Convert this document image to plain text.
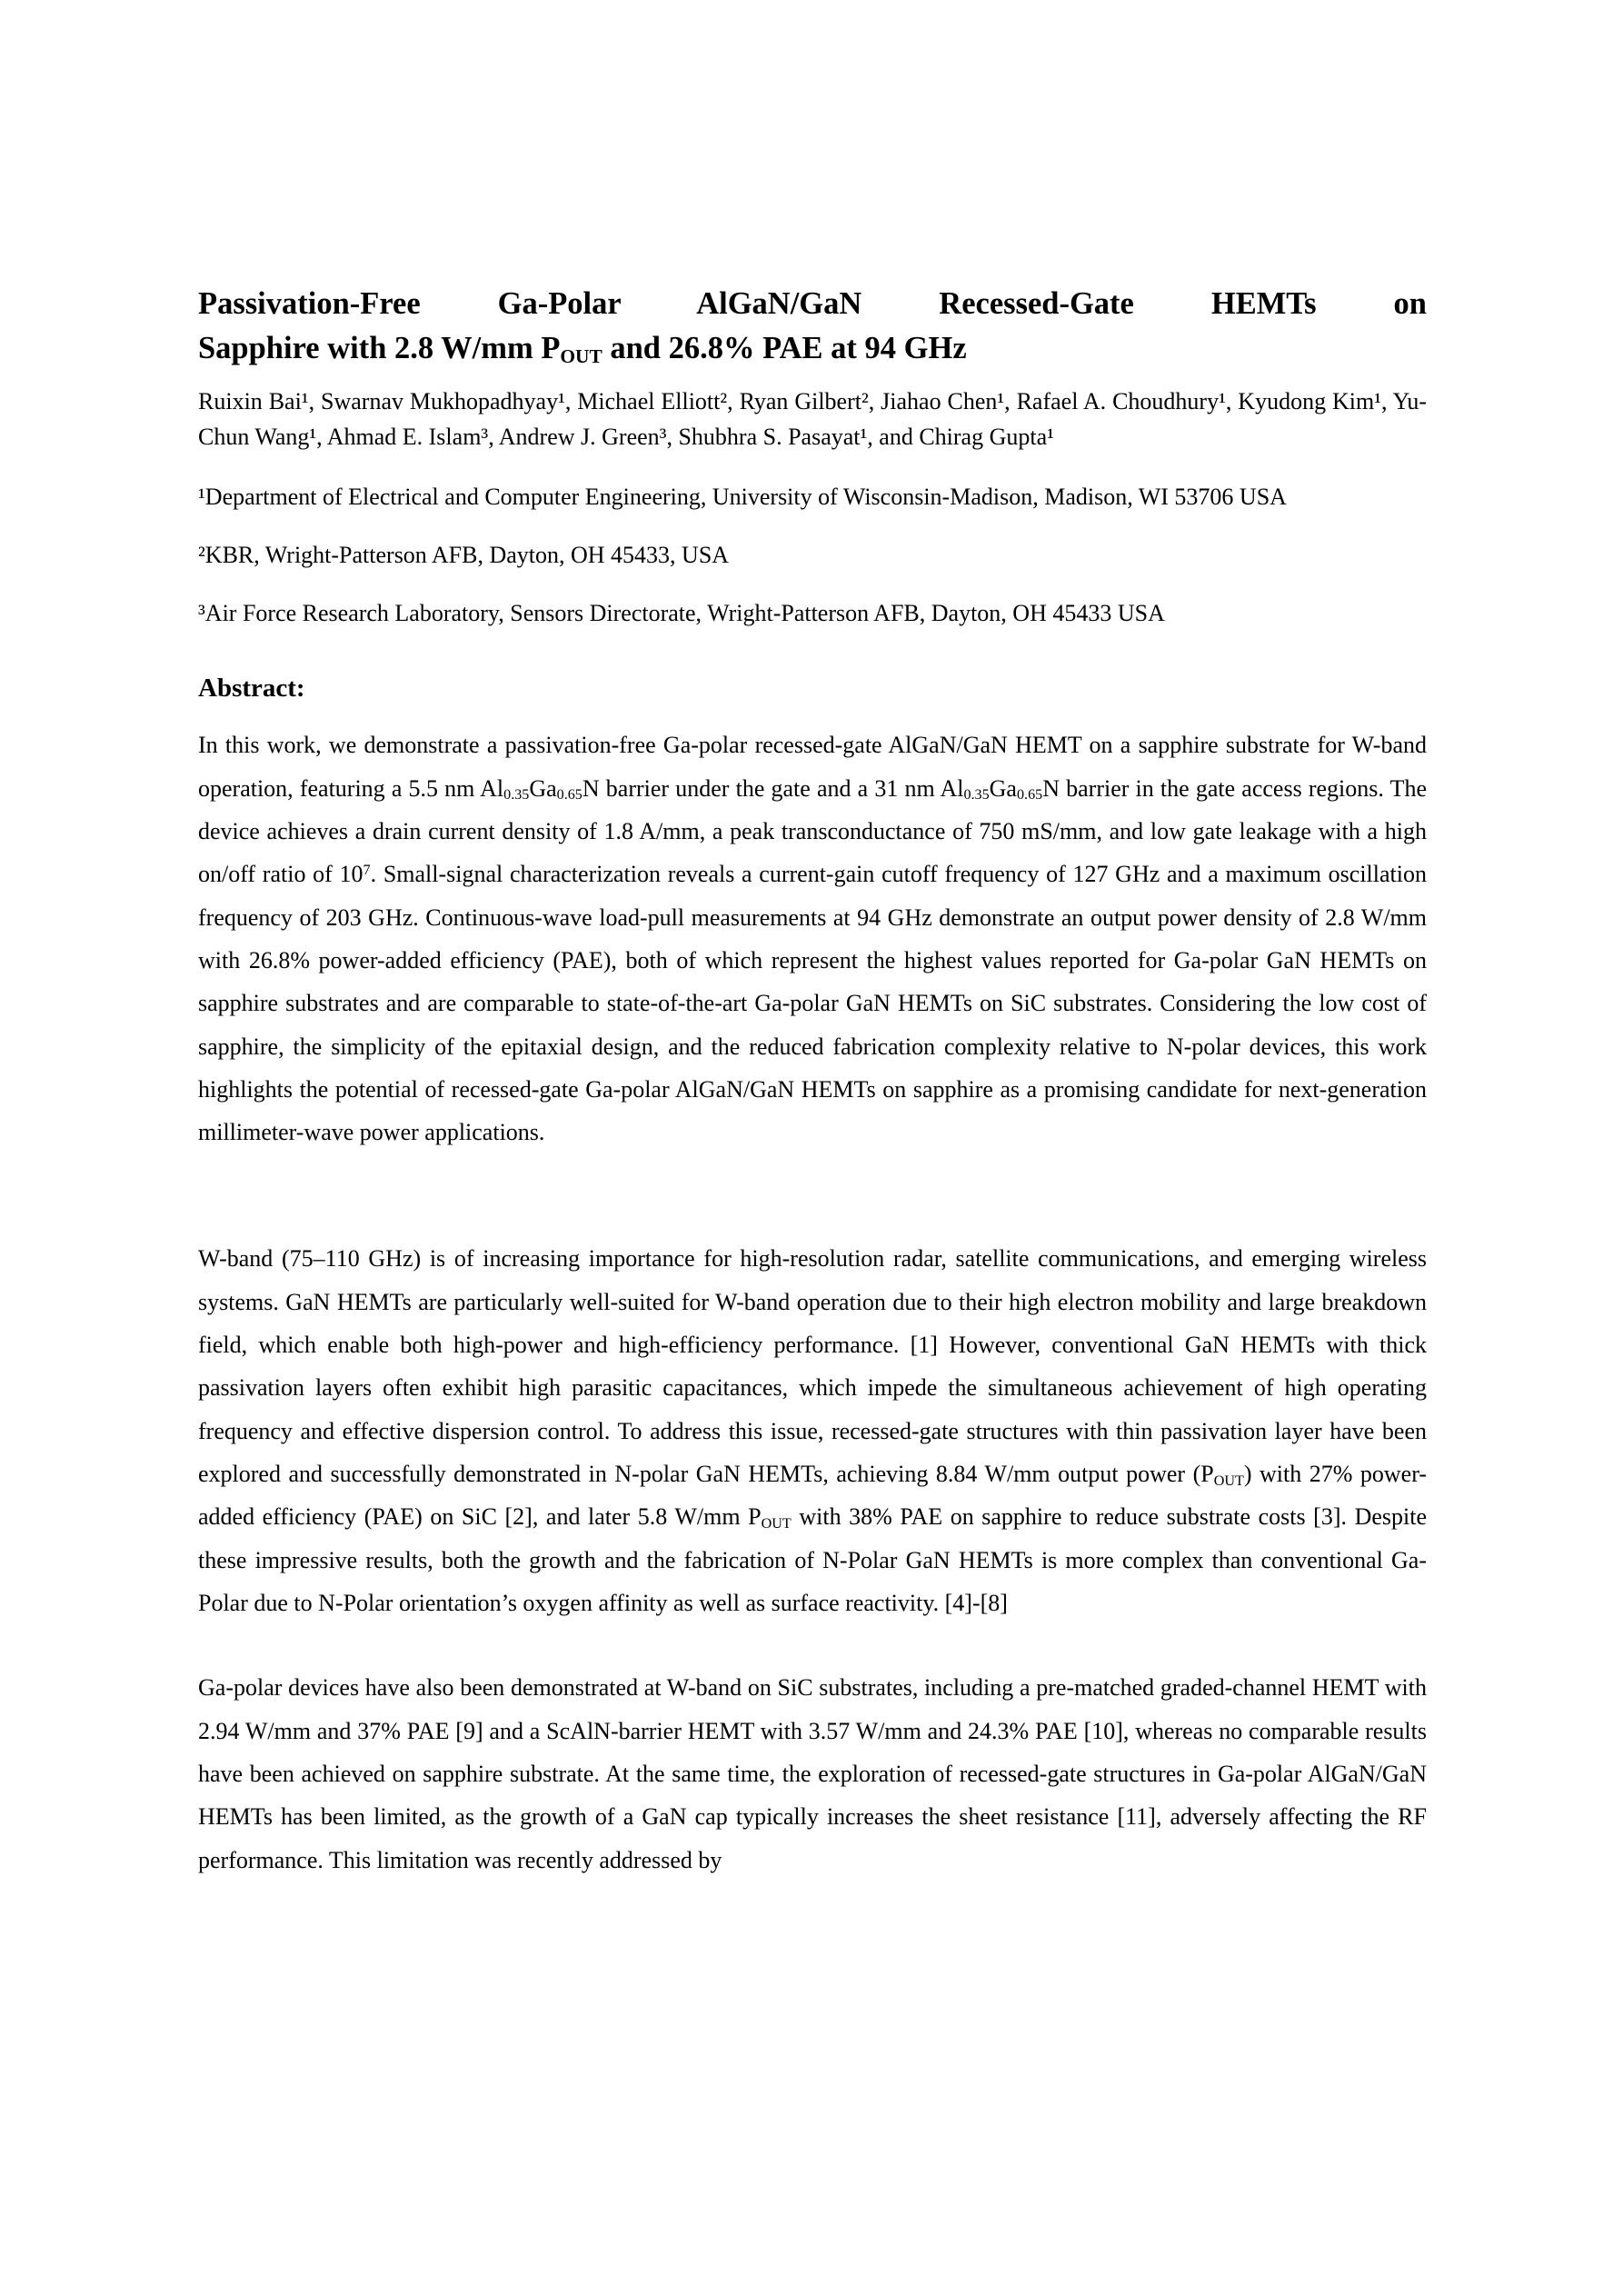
Passivation-Free Ga-Polar AlGaN/GaN Recessed-Gate HEMTs on
Sapphire with 2.8 W/mm $P_{OUT}$ and 26.8% PAE at 94 GHz

Ruixin Bai¹, Swarnav Mukhopadhyay¹, Michael Elliott², Ryan Gilbert², Jiahao Chen¹, Rafael A. Choudhury¹, Kyudong Kim¹, Yu-Chun Wang¹, Ahmad E. Islam³, Andrew J. Green³, Shubhra S. Pasayat¹, and Chirag Gupta¹

¹Department of Electrical and Computer Engineering, University of Wisconsin-Madison, Madison, WI 53706 USA

²KBR, Wright-Patterson AFB, Dayton, OH 45433, USA

³Air Force Research Laboratory, Sensors Directorate, Wright-Patterson AFB, Dayton, OH 45433 USA

Abstract:

In this work, we demonstrate a passivation-free Ga-polar recessed-gate AlGaN/GaN HEMT on a sapphire substrate for W-band operation, featuring a 5.5 nm $Al_{0.35}Ga_{0.65}N$ barrier under the gate and a 31 nm $Al_{0.35}Ga_{0.65}N$ barrier in the gate access regions. The device achieves a drain current density of 1.8 A/mm, a peak transconductance of 750 mS/mm, and low gate leakage with a high on/off ratio of $10^7$. Small-signal characterization reveals a current-gain cutoff frequency of 127 GHz and a maximum oscillation frequency of 203 GHz. Continuous-wave load-pull measurements at 94 GHz demonstrate an output power density of 2.8 W/mm with 26.8% power-added efficiency (PAE), both of which represent the highest values reported for Ga-polar GaN HEMTs on sapphire substrates and are comparable to state-of-the-art Ga-polar GaN HEMTs on SiC substrates. Considering the low cost of sapphire, the simplicity of the epitaxial design, and the reduced fabrication complexity relative to N-polar devices, this work highlights the potential of recessed-gate Ga-polar AlGaN/GaN HEMTs on sapphire as a promising candidate for next-generation millimeter-wave power applications.

W-band (75–110 GHz) is of increasing importance for high-resolution radar, satellite communications, and emerging wireless systems. GaN HEMTs are particularly well-suited for W-band operation due to their high electron mobility and large breakdown field, which enable both high-power and high-efficiency performance. [1] However, conventional GaN HEMTs with thick passivation layers often exhibit high parasitic capacitances, which impede the simultaneous achievement of high operating frequency and effective dispersion control. To address this issue, recessed-gate structures with thin passivation layer have been explored and successfully demonstrated in N-polar GaN HEMTs, achieving 8.84 W/mm output power $(P_{OUT})$ with 27% power-added efficiency (PAE) on SiC [2], and later 5.8 W/mm $P_{OUT}$ with 38% PAE on sapphire to reduce substrate costs [3]. Despite these impressive results, both the growth and the fabrication of N-Polar GaN HEMTs is more complex than conventional Ga-Polar due to N-Polar orientation’s oxygen affinity as well as surface reactivity. [4]-[8]

Ga-polar devices have also been demonstrated at W-band on SiC substrates, including a pre-matched graded-channel HEMT with 2.94 W/mm and 37% PAE [9] and a ScAlN-barrier HEMT with 3.57 W/mm and 24.3% PAE [10], whereas no comparable results have been achieved on sapphire substrate. At the same time, the exploration of recessed-gate structures in Ga-polar AlGaN/GaN HEMTs has been limited, as the growth of a GaN cap typically increases the sheet resistance [11], adversely affecting the RF performance. This limitation was recently addressed by
